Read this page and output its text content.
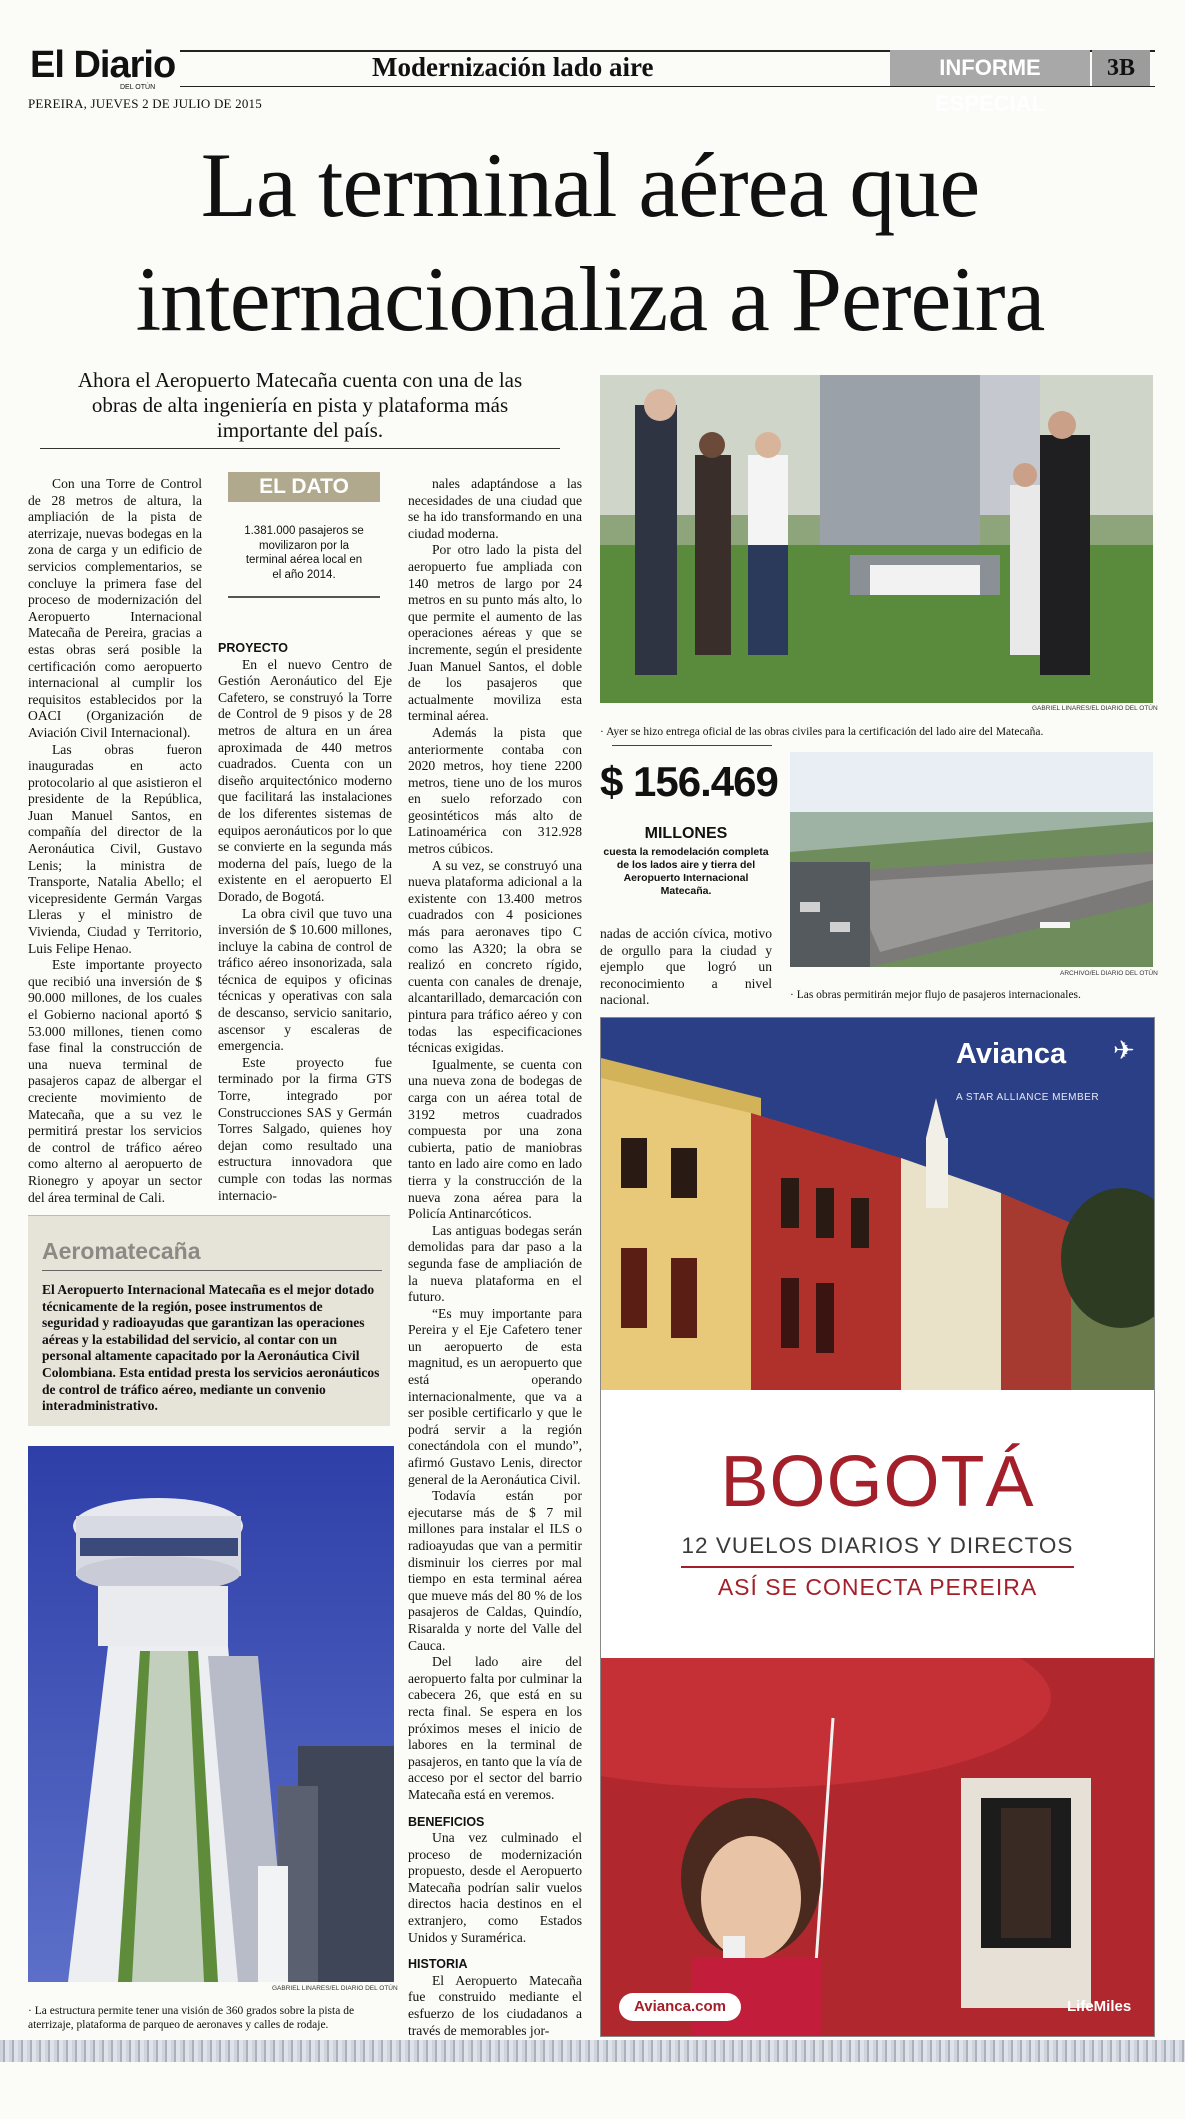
El Diario
DEL OTÚN
Modernización lado aire	INFORME ESPECIAL
3B
PEREIRA, JUEVES 2 DE JULIO DE 2015
La terminal aérea que
internacionaliza a Pereira
Ahora el Aeropuerto Matecaña cuenta con una de las obras de alta ingeniería en pista y plataforma más importante del país.

Con una Torre de Control de 28 metros de altura, la ampliación de la pista de aterrizaje, nuevas bodegas en la zona de carga y un edificio de servicios complementarios, se concluye la primera fase del proceso de modernización del Aeropuerto Internacional Matecaña de Pereira, gracias a estas obras será posible la certificación como aeropuerto internacional al cumplir los requisitos establecidos por la OACI (Organización de Aviación Civil Internacional).

Las obras fueron inauguradas en acto protocolario al que asistieron el presidente de la República, Juan Manuel Santos, en compañía del director de la Aeronáutica Civil, Gustavo Lenis; la ministra de Transporte, Natalia Abello; el vicepresidente Germán Vargas Lleras y el ministro de Vivienda, Ciudad y Territorio, Luis Felipe Henao.

Este importante proyecto que recibió una inversión de $ 90.000 millones, de los cuales el Gobierno nacional aportó $ 53.000 millones, tienen como fase final la construcción de una nueva terminal de pasajeros capaz de albergar el creciente movimiento de Matecaña, que a su vez le permitirá prestar los servicios de control de tráfico aéreo como alterno al aeropuerto de Rionegro y apoyar un sector del área terminal de Cali.

EL DATO
1.381.000 pasajeros se movilizaron por la terminal aérea local en el año 2014.

PROYECTO

En el nuevo Centro de Gestión Aeronáutico del Eje Cafetero, se construyó la Torre de Control de 9 pisos y de 28 metros de altura en un área aproximada de 440 metros cuadrados. Cuenta con un diseño arquitectónico moderno que facilitará las instalaciones de los diferentes sistemas de equipos aeronáuticos por lo que se convierte en la segunda más moderna del país, luego de la existente en el aeropuerto El Dorado, de Bogotá.

La obra civil que tuvo una inversión de $ 10.600 millones, incluye la cabina de control de tráfico aéreo insonorizada, sala técnica de equipos y oficinas técnicas y operativas con sala de descanso, servicio sanitario, ascensor y escaleras de emergencia.

Este proyecto fue terminado por la firma GTS Torre, integrado por Construcciones SAS y Germán Torres Salgado, quienes hoy dejan como resultado una estructura innovadora que cumple con todas las normas internacio-

nales adaptándose a las necesidades de una ciudad que se ha ido transformando en una ciudad moderna.

Por otro lado la pista del aeropuerto fue ampliada con 140 metros de largo por 24 metros en su punto más alto, lo que permite el aumento de las operaciones aéreas y que se incremente, según el presidente Juan Manuel Santos, el doble de los pasajeros que actualmente moviliza esta terminal aérea.

Además la pista que anteriormente contaba con 2020 metros, hoy tiene 2200 metros, tiene uno de los muros en suelo reforzado con geosintéticos más alto de Latinoamérica con 312.928 metros cúbicos.

A su vez, se construyó una nueva plataforma adicional a la existente con 13.400 metros cuadrados con 4 posiciones más para aeronaves tipo C como las A320; la obra se realizó en concreto rígido, cuenta con canales de drenaje, alcantarillado, demarcación con pintura para tráfico aéreo y con todas las especificaciones técnicas exigidas.

Igualmente, se cuenta con una nueva zona de bodegas de carga con un aérea total de 3192 metros cuadrados compuesta por una zona cubierta, patio de maniobras tanto en lado aire como en lado tierra y la construcción de la nueva zona aérea para la Policía Antinarcóticos.

Las antiguas bodegas serán demolidas para dar paso a la segunda fase de ampliación de la nueva plataforma en el futuro.

“Es muy importante para Pereira y el Eje Cafetero tener un aeropuerto de esta magnitud, es un aeropuerto que está operando internacionalmente, que va a ser posible certificarlo y que le podrá servir a la región conectándola con el mundo”, afirmó Gustavo Lenis, director general de la Aeronáutica Civil.

Todavía están por ejecutarse más de $ 7 mil millones para instalar el ILS o radioayudas que van a permitir disminuir los cierres por mal tiempo en esta terminal aérea que mueve más del 80 % de los pasajeros de Caldas, Quindío, Risaralda y norte del Valle del Cauca.

Del lado aire del aeropuerto falta por culminar la cabecera 26, que está en su recta final. Se espera en los próximos meses el inicio de labores en la terminal de pasajeros, en tanto que la vía de acceso por el sector del barrio Matecaña está en veremos.

BENEFICIOS

Una vez culminado el proceso de modernización propuesto, desde el Aeropuerto Matecaña podrían salir vuelos directos hacia destinos en el extranjero, como Estados Unidos y Suramérica.

HISTORIA

El Aeropuerto Matecaña fue construido mediante el esfuerzo de los ciudadanos a través de memorables jor-

nadas de acción cívica, motivo de orgullo para la ciudad y ejemplo que logró un reconocimiento a nivel nacional.

Aeromatecaña
El Aeropuerto Internacional Matecaña es el mejor dotado técnicamente de la región, posee instrumentos de seguridad y radioayudas que garantizan las operaciones aéreas y la estabilidad del servicio, al contar con un personal altamente capacitado por la Aeronáutica Civil Colombiana. Esta entidad presta los servicios aeronáuticos de control de tráfico aéreo, mediante un convenio interadministrativo.
GABRIEL LINARES/EL DIARIO DEL OTÚN
· La estructura permite tener una visión de 360 grados sobre la pista de aterrizaje, plataforma de parqueo de aeronaves y calles de rodaje.
GABRIEL LINARES/EL DIARIO DEL OTÚN
· Ayer se hizo entrega oficial de las obras civiles para la certificación del lado aire del Matecaña.
$ 156.469
MILLONES
cuesta la remodelación completa de los lados aire y tierra del Aeropuerto Internacional Matecaña.
ARCHIVO/EL DIARIO DEL OTÚN
· Las obras permitirán mejor flujo de pasajeros internacionales.
Avianca ✈
A STAR ALLIANCE MEMBER
BOGOTÁ
12 VUELOS DIARIOS Y DIRECTOS
ASÍ SE CONECTA PEREIRA
Avianca.com	LifeMiles
